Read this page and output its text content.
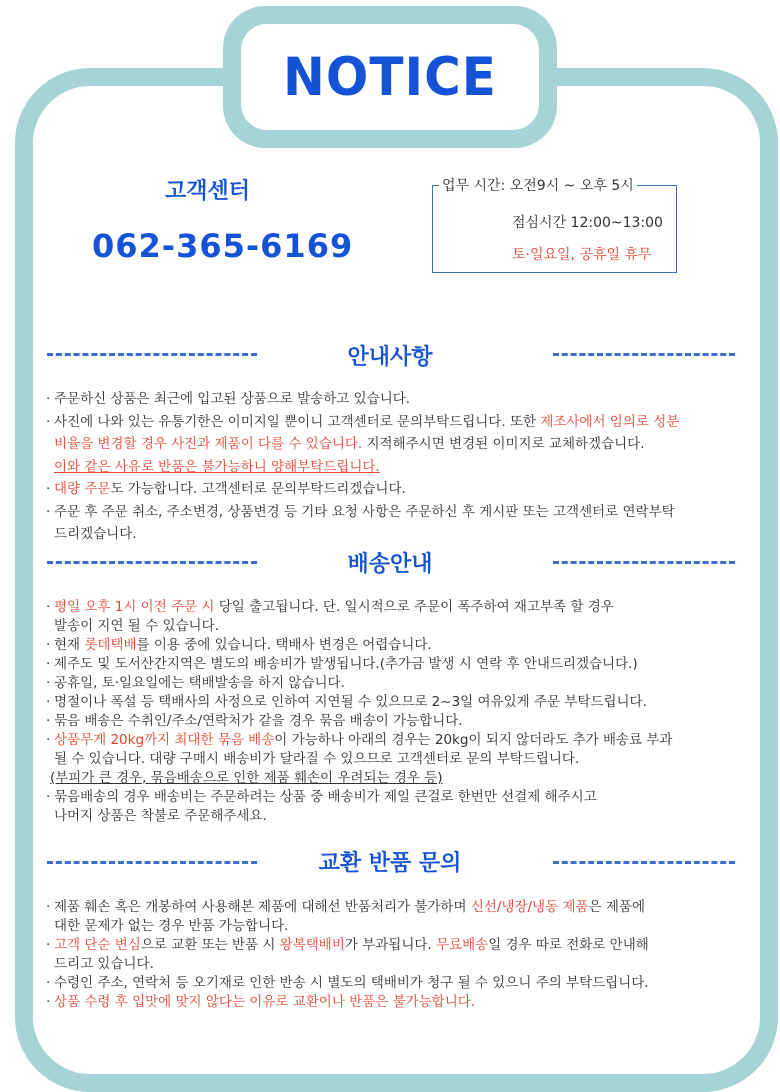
NOTICE
고객센터
062-365-6169
업무 시간: 오전9시 ~ 오후 5시
점심시간 12:00~13:00
토·일요일, 공휴일 휴무
안내사항
· 주문하신 상품은 최근에 입고된 상품으로 발송하고 있습니다.
· 사진에 나와 있는 유통기한은 이미지일 뿐이니 고객센터로 문의부탁드립니다. 또한 제조사에서 임의로 성분
비율을 변경할 경우 사진과 제품이 다를 수 있습니다. 지적해주시면 변경된 이미지로 교체하겠습니다.
이와 같은 사유로 반품은 불가능하니 양해부탁드립니다.
· 대량 주문도 가능합니다. 고객센터로 문의부탁드리겠습니다.
· 주문 후 주문 취소, 주소변경, 상품변경 등 기타 요청 사항은 주문하신 후 게시판 또는 고객센터로 연락부탁
드리겠습니다.
배송안내
· 평일 오후 1시 이전 주문 시 당일 출고됩니다. 단. 일시적으로 주문이 폭주하여 재고부족 할 경우
발송이 지연 될 수 있습니다.
· 현재 롯데택배를 이용 중에 있습니다. 택배사 변경은 어렵습니다.
· 제주도 및 도서산간지역은 별도의 배송비가 발생됩니다.(추가금 발생 시 연락 후 안내드리겠습니다.)
· 공휴일, 토·일요일에는 택배발송을 하지 않습니다.
· 명절이나 폭설 등 택배사의 사정으로 인하여 지연될 수 있으므로 2~3일 여유있게 주문 부탁드립니다.
· 묶음 배송은 수취인/주소/연락처가 같을 경우 묶음 배송이 가능합니다.
· 상품무게 20kg까지 최대한 묶음 배송이 가능하나 아래의 경우는 20kg이 되지 않더라도 추가 배송료 부과
될 수 있습니다. 대량 구매시 배송비가 달라질 수 있으므로 고객센터로 문의 부탁드립니다.
(부피가 큰 경우, 묶음배송으로 인한 제품 훼손이 우려되는 경우 등)
· 묶음배송의 경우 배송비는 주문하려는 상품 중 배송비가 제일 큰걸로 한번만 선결제 해주시고
나머지 상품은 착불로 주문해주세요.
교환 반품 문의
· 제품 훼손 혹은 개봉하여 사용해본 제품에 대해선 반품처리가 불가하며 신선/냉장/냉동 제품은 제품에
대한 문제가 없는 경우 반품 가능합니다.
· 고객 단순 변심으로 교환 또는 반품 시 왕복택배비가 부과됩니다. 무료배송일 경우 따로 전화로 안내해
드리고 있습니다.
· 수령인 주소, 연락처 등 오기재로 인한 반송 시 별도의 택배비가 청구 될 수 있으니 주의 부탁드립니다.
· 상품 수령 후 입맛에 맞지 않다는 이유로 교환이나 반품은 불가능합니다.
